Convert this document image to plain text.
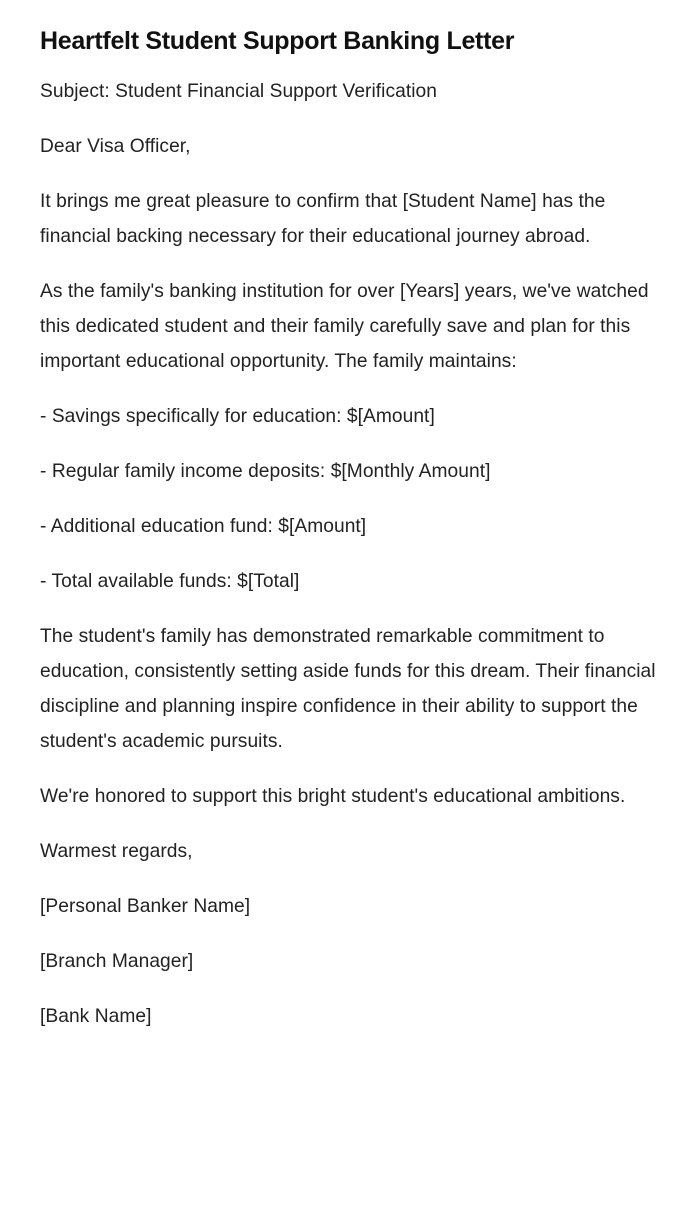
Heartfelt Student Support Banking Letter

Subject: Student Financial Support Verification

Dear Visa Officer,

It brings me great pleasure to confirm that [Student Name] has the financial backing necessary for their educational journey abroad.

As the family's banking institution for over [Years] years, we've watched this dedicated student and their family carefully save and plan for this important educational opportunity. The family maintains:

- Savings specifically for education: $[Amount]

- Regular family income deposits: $[Monthly Amount]

- Additional education fund: $[Amount]

- Total available funds: $[Total]

The student's family has demonstrated remarkable commitment to education, consistently setting aside funds for this dream. Their financial discipline and planning inspire confidence in their ability to support the student's academic pursuits.

We're honored to support this bright student's educational ambitions.

Warmest regards,

[Personal Banker Name]

[Branch Manager]

[Bank Name]
